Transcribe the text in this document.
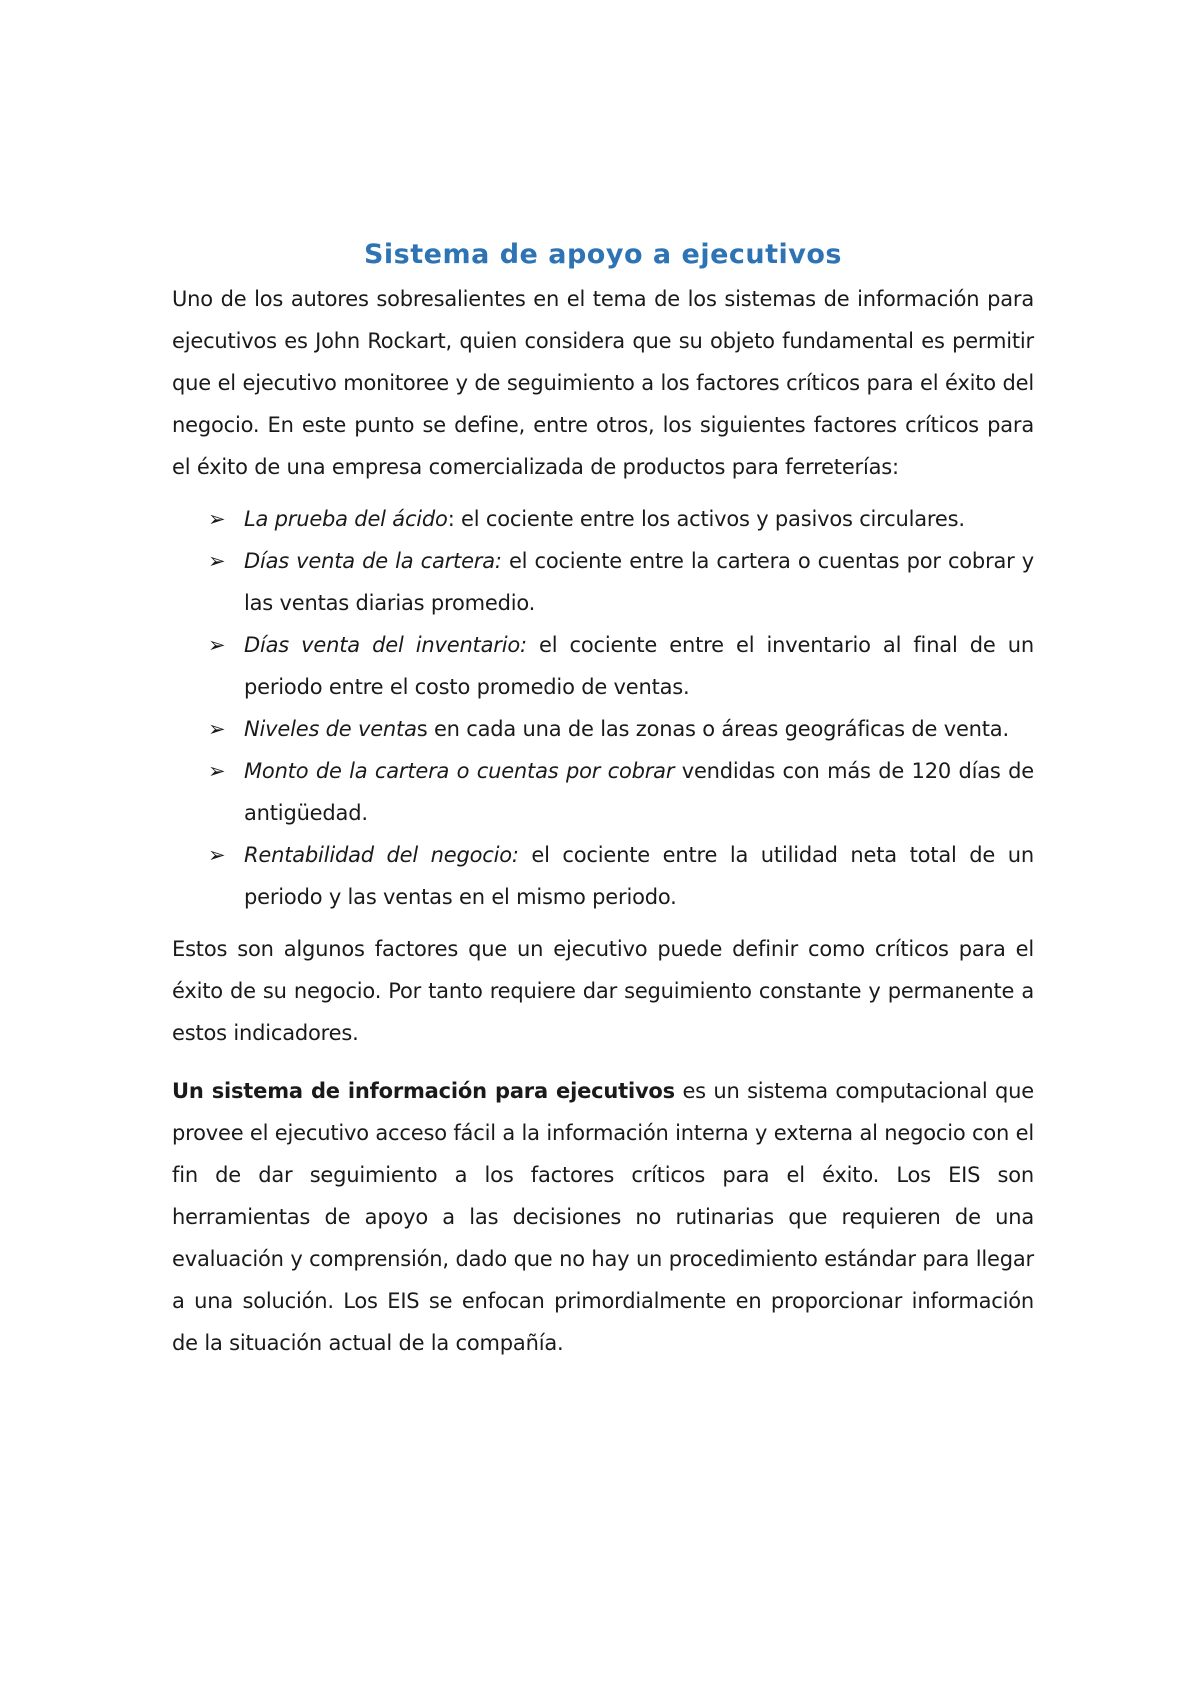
Sistema de apoyo a ejecutivos

Uno de los autores sobresalientes en el tema de los sistemas de información para ejecutivos es John Rockart, quien considera que su objeto fundamental es permitir que el ejecutivo monitoree y de seguimiento a los factores críticos para el éxito del negocio. En este punto se define, entre otros, los siguientes factores críticos para el éxito de una empresa comercializada de productos para ferreterías:

➢ La prueba del ácido: el cociente entre los activos y pasivos circulares.
➢ Días venta de la cartera: el cociente entre la cartera o cuentas por cobrar y las ventas diarias promedio.
➢ Días venta del inventario: el cociente entre el inventario al final de un periodo entre el costo promedio de ventas.
➢ Niveles de ventas en cada una de las zonas o áreas geográficas de venta.
➢ Monto de la cartera o cuentas por cobrar vendidas con más de 120 días de antigüedad.
➢ Rentabilidad del negocio: el cociente entre la utilidad neta total de un periodo y las ventas en el mismo periodo.

Estos son algunos factores que un ejecutivo puede definir como críticos para el éxito de su negocio. Por tanto requiere dar seguimiento constante y permanente a estos indicadores.

Un sistema de información para ejecutivos es un sistema computacional que provee el ejecutivo acceso fácil a la información interna y externa al negocio con el fin de dar seguimiento a los factores críticos para el éxito. Los EIS son herramientas de apoyo a las decisiones no rutinarias que requieren de una evaluación y comprensión, dado que no hay un procedimiento estándar para llegar a una solución. Los EIS se enfocan primordialmente en proporcionar información de la situación actual de la compañía.
